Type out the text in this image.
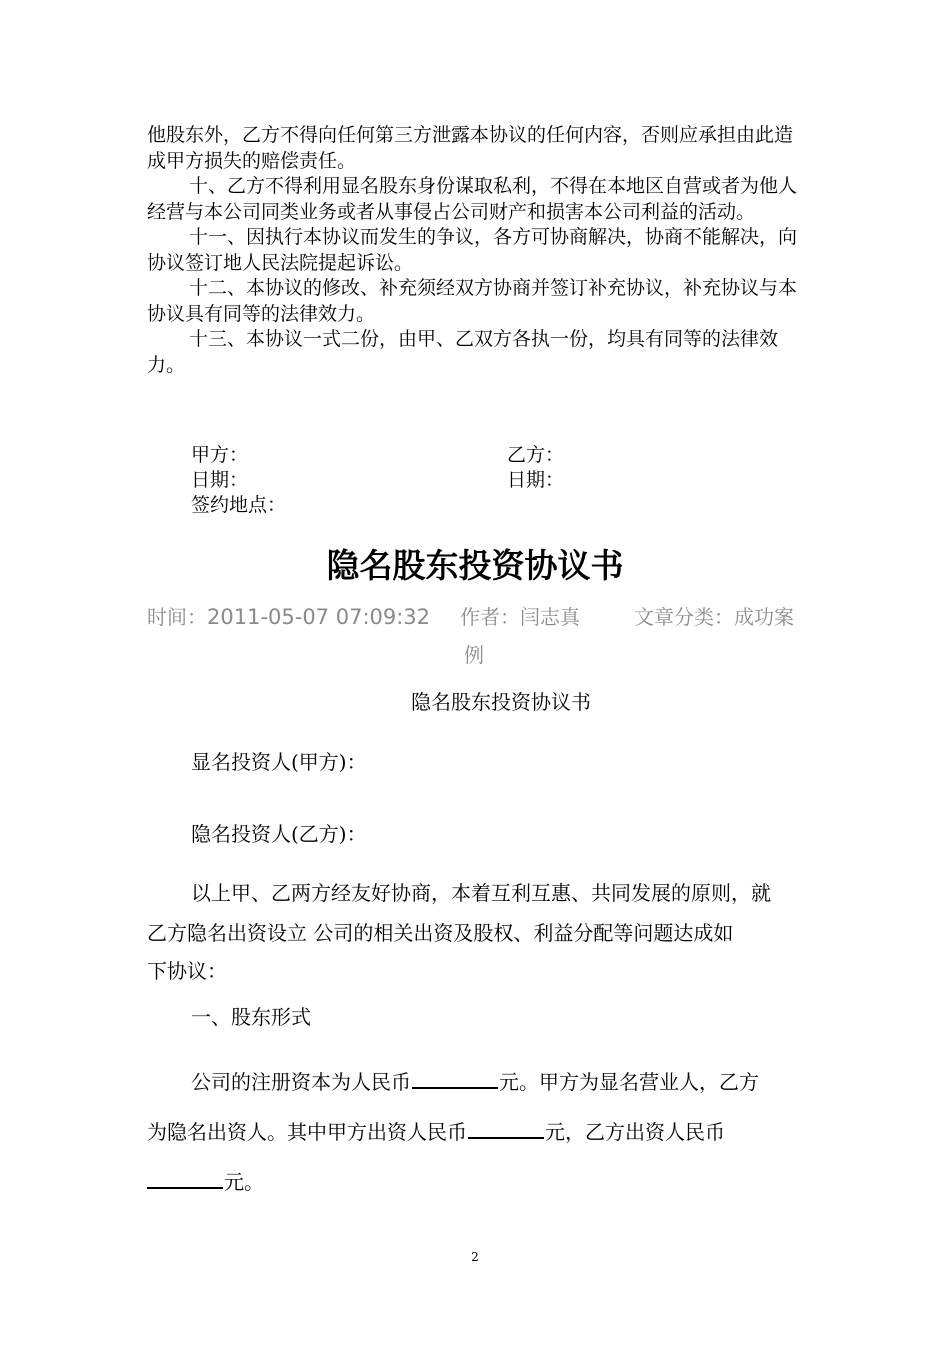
他股东外，乙方不得向任何第三方泄露本协议的任何内容，否则应承担由此造成甲方损失的赔偿责任。

十、乙方不得利用显名股东身份谋取私利，不得在本地区自营或者为他人经营与本公司同类业务或者从事侵占公司财产和损害本公司利益的活动。

十一、因执行本协议而发生的争议，各方可协商解决，协商不能解决，向协议签订地人民法院提起诉讼。

十二、本协议的修改、补充须经双方协商并签订补充协议，补充协议与本协议具有同等的法律效力。

十三、本协议一式二份，由甲、乙双方各执一份，均具有同等的法律效力。

甲方：	乙方：
日期：	日期：
签约地点：
隐名股东投资协议书
时间：2011-05-07 07:09:32 作者：闫志真	文章分类：成功案
例
隐名股东投资协议书
显名投资人(甲方)：
隐名投资人(乙方)：
以上甲、乙两方经友好协商，本着互利互惠、共同发展的原则，就
乙方隐名出资设立 公司的相关出资及股权、利益分配等问题达成如
下协议：
一、股东形式
公司的注册资本为人民币	元。甲方为显名营业人，乙方
为隐名出资人。其中甲方出资人民币	元，乙方出资人民币
元。
2
